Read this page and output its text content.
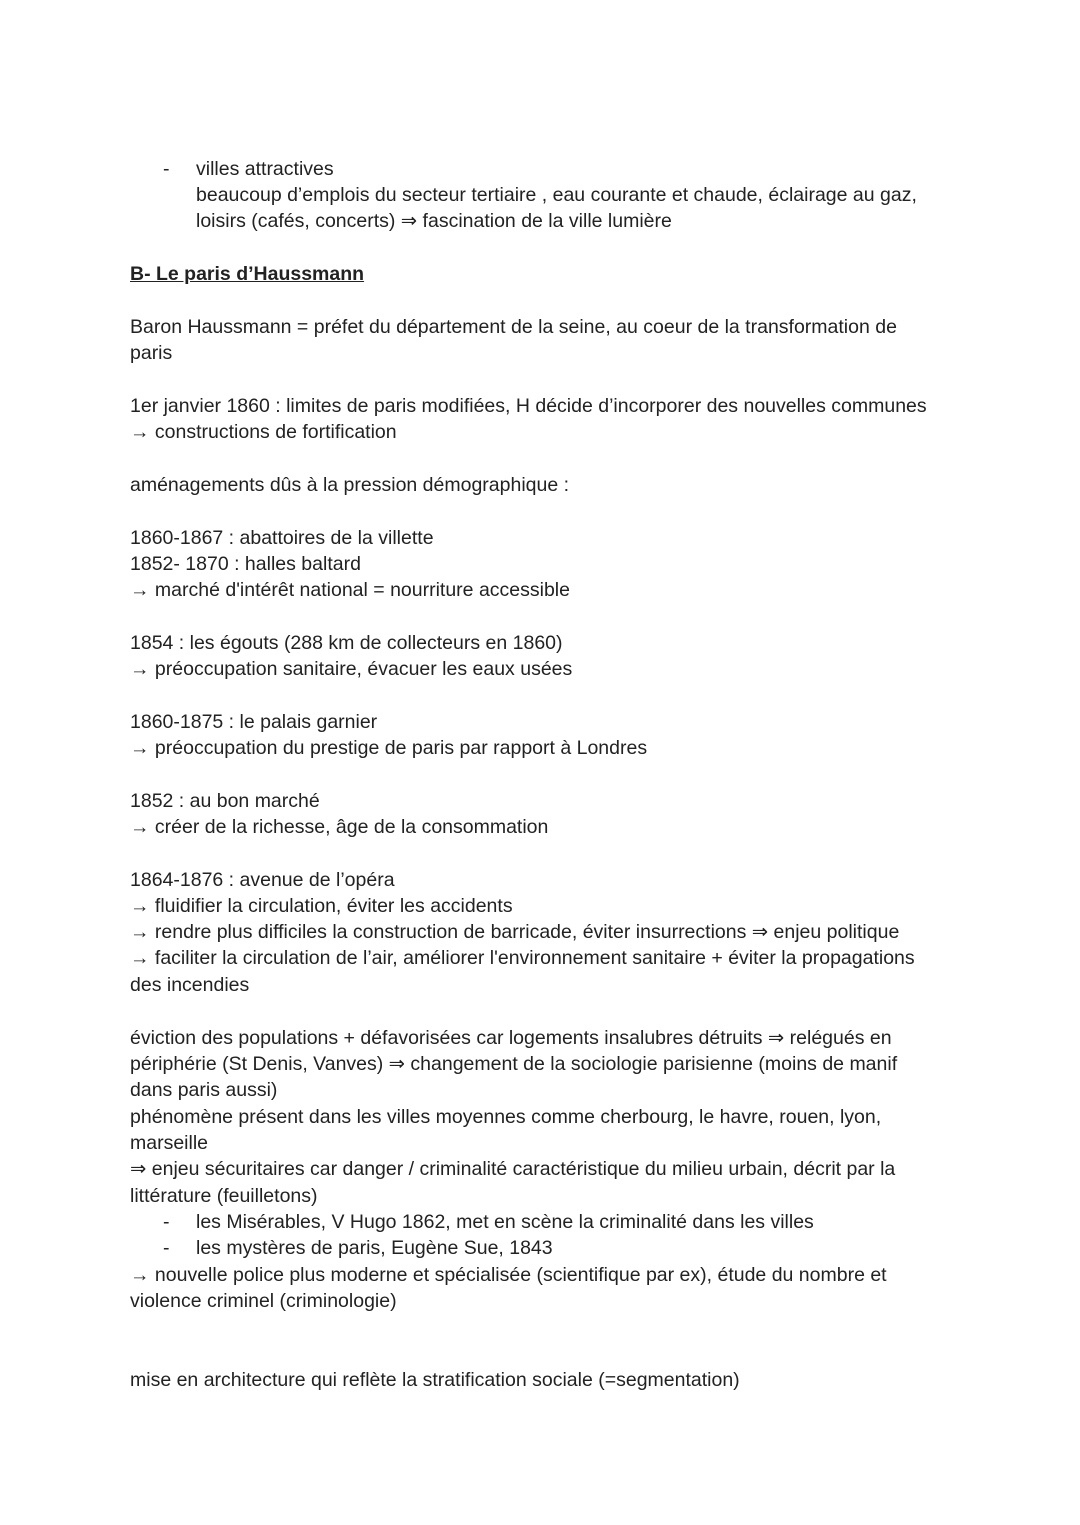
- villes attractives
beaucoup d’emplois du secteur tertiaire , eau courante et chaude, éclairage au gaz,
loisirs (cafés, concerts) ⇒ fascination de la ville lumière
B- Le paris d’Haussmann
Baron Haussmann = préfet du département de la seine, au coeur de la transformation de
paris
1er janvier 1860 : limites de paris modifiées, H décide d’incorporer des nouvelles communes
→ constructions de fortification
aménagements dûs à la pression démographique :
1860-1867 : abattoires de la villette
1852- 1870 : halles baltard
→ marché d'intérêt national = nourriture accessible
1854 : les égouts (288 km de collecteurs en 1860)
→ préoccupation sanitaire, évacuer les eaux usées
1860-1875 : le palais garnier
→ préoccupation du prestige de paris par rapport à Londres
1852 : au bon marché
→ créer de la richesse, âge de la consommation
1864-1876 : avenue de l’opéra
→ fluidifier la circulation, éviter les accidents
→ rendre plus difficiles la construction de barricade, éviter insurrections ⇒ enjeu politique
→ faciliter la circulation de l’air, améliorer l'environnement sanitaire + éviter la propagations
des incendies
éviction des populations + défavorisées car logements insalubres détruits ⇒ relégués en
périphérie (St Denis, Vanves) ⇒ changement de la sociologie parisienne (moins de manif
dans paris aussi)
phénomène présent dans les villes moyennes comme cherbourg, le havre, rouen, lyon,
marseille
⇒ enjeu sécuritaires car danger / criminalité caractéristique du milieu urbain, décrit par la
littérature (feuilletons)
- les Misérables, V Hugo 1862, met en scène la criminalité dans les villes
- les mystères de paris, Eugène Sue, 1843
→ nouvelle police plus moderne et spécialisée (scientifique par ex), étude du nombre et
violence criminel (criminologie)
mise en architecture qui reflète la stratification sociale (=segmentation)
